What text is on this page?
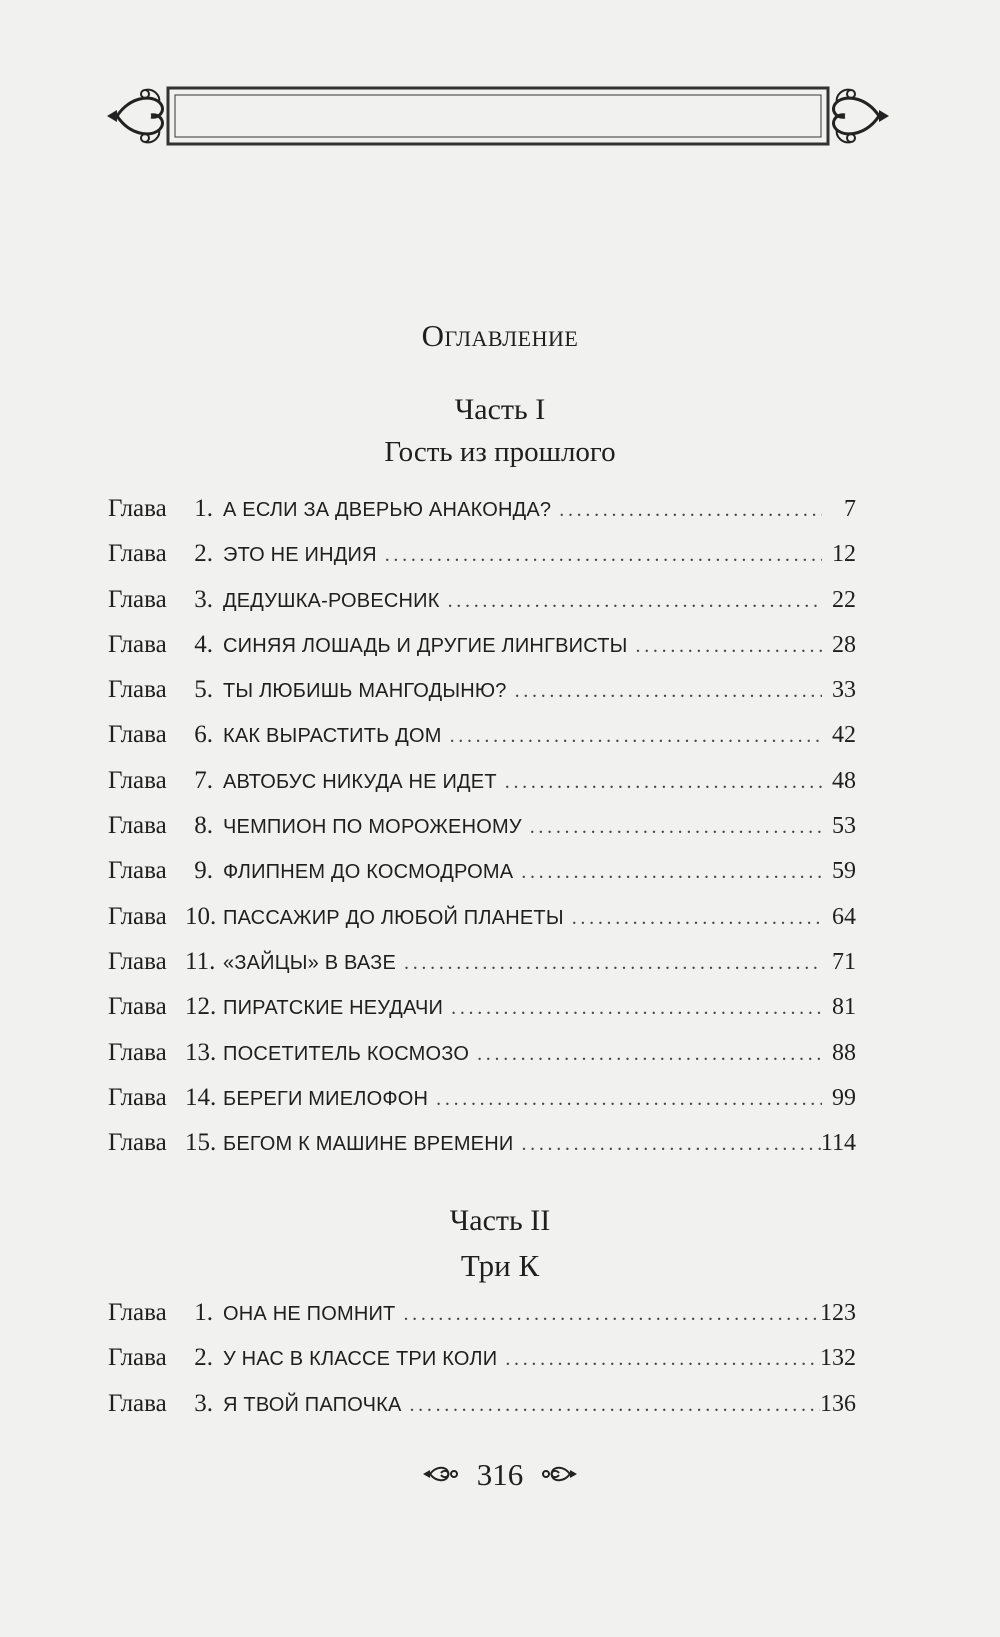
Оглавление
Часть I
Гость из прошлого
Глава	1. А ЕСЛИ ЗА ДВЕРЬЮ АНАКОНДА? .....	7
Глава	2. ЭТО НЕ ИНДИЯ .....	12
Глава	3. ДЕДУШКА-РОВЕСНИК .....	22
Глава	4. СИНЯЯ ЛОШАДЬ И ДРУГИЕ ЛИНГВИСТЫ .....	28
Глава	5. ТЫ ЛЮБИШЬ МАНГОДЫНЮ? .....	33
Глава	6. КАК ВЫРАСТИТЬ ДОМ .....	42
Глава	7. АВТОБУС НИКУДА НЕ ИДЕТ .....	48
Глава	8. ЧЕМПИОН ПО МОРОЖЕНОМУ .....	53
Глава	9. ФЛИПНЕМ ДО КОСМОДРОМА .....	59
Глава 10. ПАССАЖИР ДО ЛЮБОЙ ПЛАНЕТЫ .....	64
Глава 11. «ЗАЙЦЫ» В ВАЗЕ .....	71
Глава 12. ПИРАТСКИЕ НЕУДАЧИ .....	81
Глава 13. ПОСЕТИТЕЛЬ КОСМОЗО .....	88
Глава 14. БЕРЕГИ МИЕЛОФОН .....	99
Глава 15. БЕГОМ К МАШИНЕ ВРЕМЕНИ .....	114
Часть II
Три К
Глава	1. ОНА НЕ ПОМНИТ .....	123
Глава	2. У НАС В КЛАССЕ ТРИ КОЛИ .....	132
Глава	3. Я ТВОЙ ПАПОЧКА .....	136
316
